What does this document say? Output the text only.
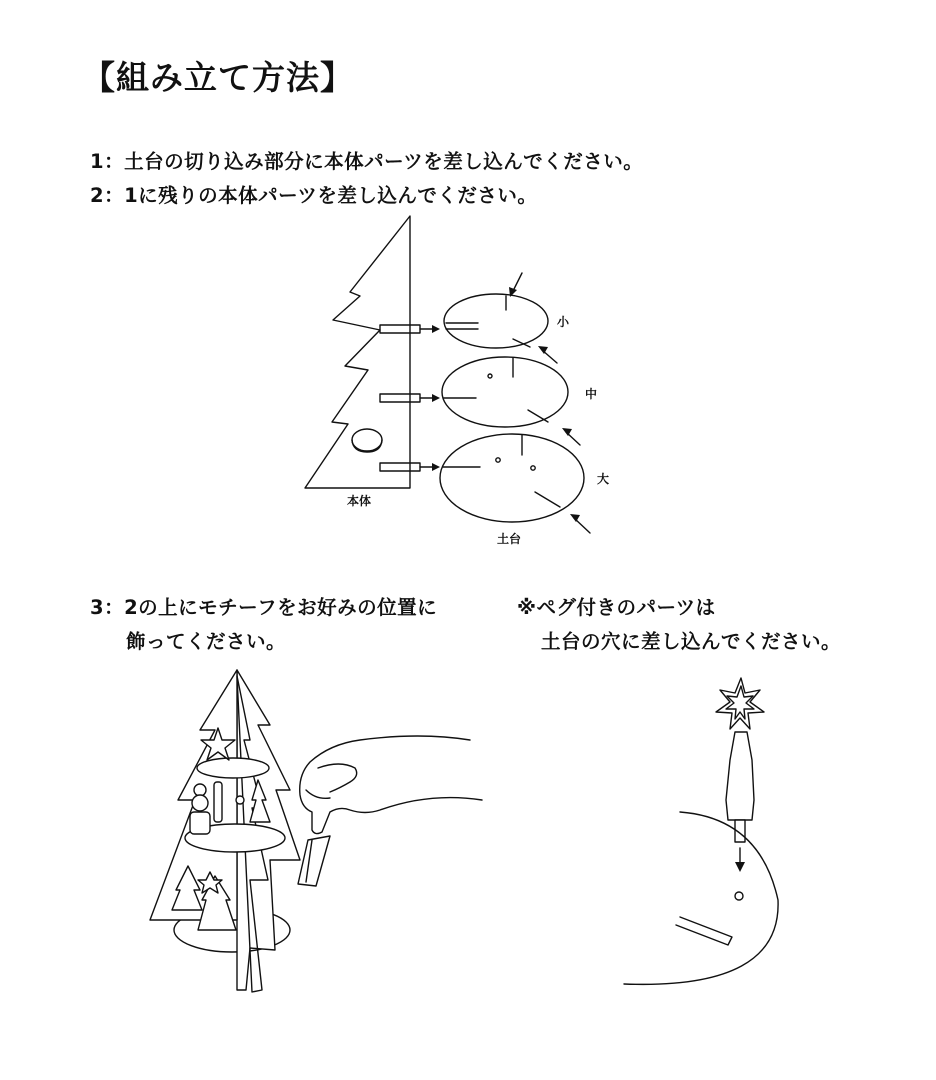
【組み立て方法】
1：土台の切り込み部分に本体パーツを差し込んでください。
2：1に残りの本体パーツを差し込んでください。
小
中
大
本体
土台
3：2の上にモチーフをお好みの位置に
飾ってください。
※ペグ付きのパーツは
土台の穴に差し込んでください。
